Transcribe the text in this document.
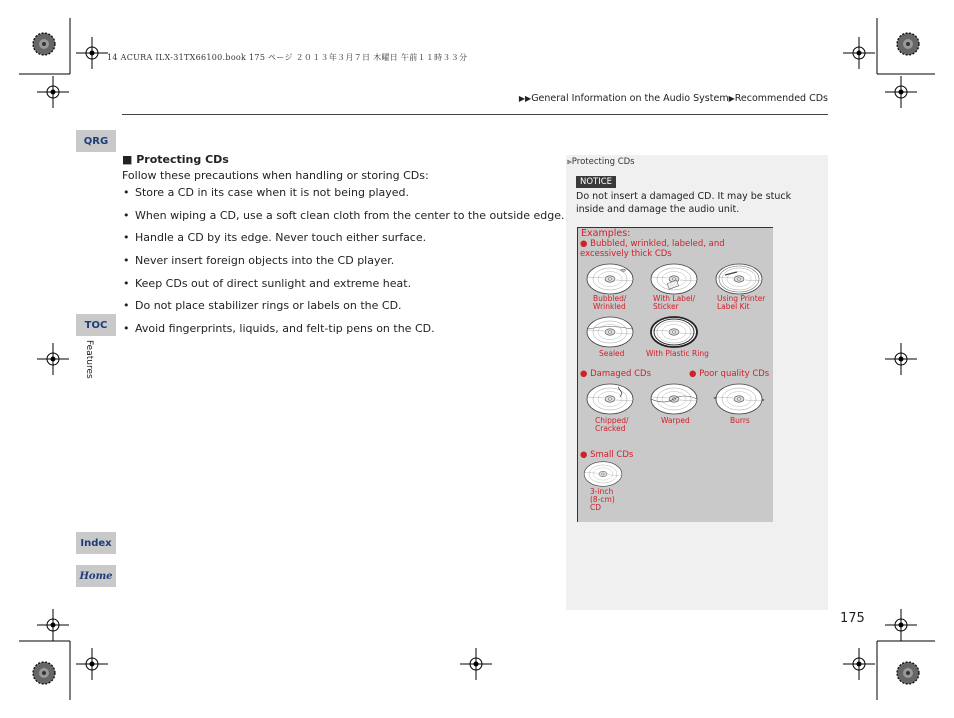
14 ACURA ILX-31TX66100.book 175 ページ ２０１３年３月７日 木曜日 午前１１時３３分
▶▶General Information on the Audio System▶Recommended CDs
QRG
TOC
Index
Home
Features
■ Protecting CDs

Follow these precautions when handling or storing CDs:

• Store a CD in its case when it is not being played.
• When wiping a CD, use a soft clean cloth from the center to the outside edge.
• Handle a CD by its edge. Never touch either surface.
• Never insert foreign objects into the CD player.
• Keep CDs out of direct sunlight and extreme heat.
• Do not place stabilizer rings or labels on the CD.
• Avoid fingerprints, liquids, and felt-tip pens on the CD.
⪢Protecting CDs
NOTICE
Do not insert a damaged CD. It may be stuck inside and damage the audio unit.
Examples:
● Bubbled, wrinkled, labeled, and excessively thick CDs
Bubbled/ Wrinkled
With Label/ Sticker
Using Printer Label Kit
Sealed	With Plastic Ring
● Damaged CDs	● Poor quality CDs
Chipped/ Cracked
Warped	Burrs
● Small CDs
3-inch (8-cm) CD
175
